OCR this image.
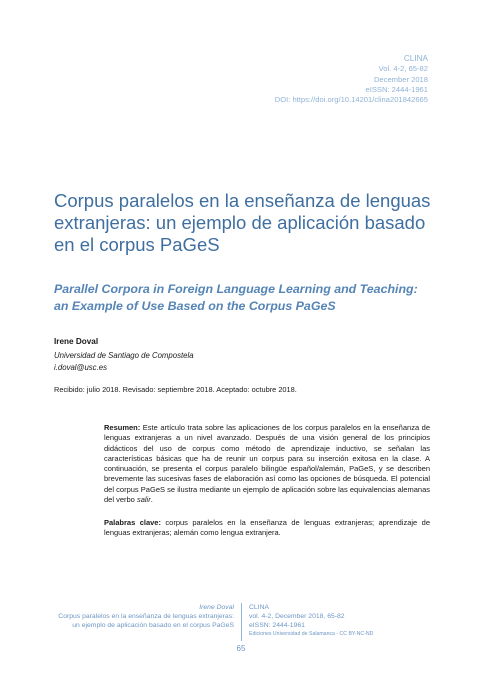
CLINA
Vol. 4-2, 65-82
December 2018
eISSN: 2444-1961
DOI: https://doi.org/10.14201/clina201842665
Corpus paralelos en la enseñanza de lenguas extranjeras: un ejemplo de aplicación basado en el corpus PaGeS
Parallel Corpora in Foreign Language Learning and Teaching: an Example of Use Based on the Corpus PaGeS
Irene Doval
Universidad de Santiago de Compostela
i.doval@usc.es
Recibido: julio 2018. Revisado: septiembre 2018. Aceptado: octubre 2018.

Resumen: Este artículo trata sobre las aplicaciones de los corpus paralelos en la enseñanza de lenguas extranjeras a un nivel avanzado. Después de una visión general de los principios didácticos del uso de corpus como método de aprendizaje inductivo, se señalan las características básicas que ha de reunir un corpus para su inserción exitosa en la clase. A continuación, se presenta el corpus paralelo bilingüe español/alemán, PaGeS, y se describen brevemente las sucesivas fases de elaboración así como las opciones de búsqueda. El potencial del corpus PaGeS se ilustra mediante un ejemplo de aplicación sobre las equivalencias alemanas del verbo salir.

Palabras clave: corpus paralelos en la enseñanza de lenguas extranjeras; aprendizaje de lenguas extranjeras; alemán como lengua extranjera.

Irene Doval
Corpus paralelos en la enseñanza de lenguas extranjeras:
un ejemplo de aplicación basado en el corpus PaGeS
CLINA
vol. 4-2, December 2018, 65-82
eISSN: 2444-1961
Ediciones Universidad de Salamanca - CC BY-NC-ND
65
